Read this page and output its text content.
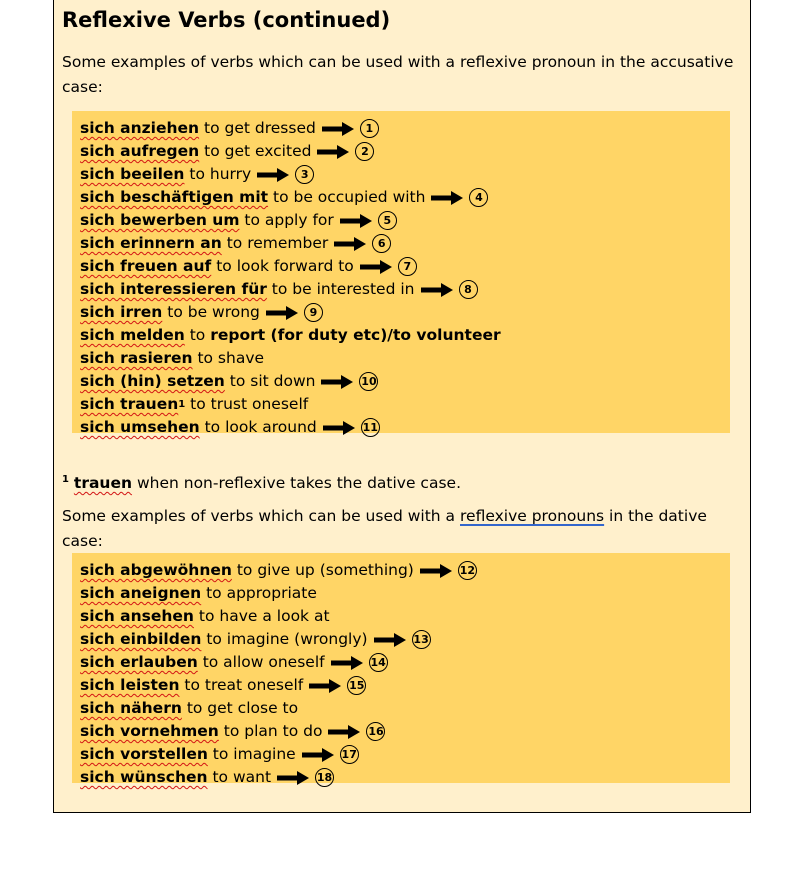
Reflexive Verbs (continued)

Some examples of verbs which can be used with a reflexive pronoun in the accusative case:

sich anziehen to get dressed	1
sich aufregen to get excited	2
sich beeilen to hurry	3
sich beschäftigen mit to be occupied with	4
sich bewerben um to apply for	5
sich erinnern an to remember	6
sich freuen auf to look forward to	7
sich interessieren für to be interested in	8
sich irren to be wrong	9
sich melden to report (for duty etc)/to volunteer
sich rasieren to shave
sich (hin) setzen to sit down	10
sich trauen 1 to trust oneself
sich umsehen to look around	11

$^1$ trauen when non-reflexive takes the dative case.

Some examples of verbs which can be used with a reflexive pronouns in the dative case:

sich abgewöhnen to give up (something)	12
sich aneignen to appropriate
sich ansehen to have a look at
sich einbilden to imagine (wrongly)	13
sich erlauben to allow oneself	14
sich leisten to treat oneself	15
sich nähern to get close to
sich vornehmen to plan to do	16
sich vorstellen to imagine	17
sich wünschen to want	18
